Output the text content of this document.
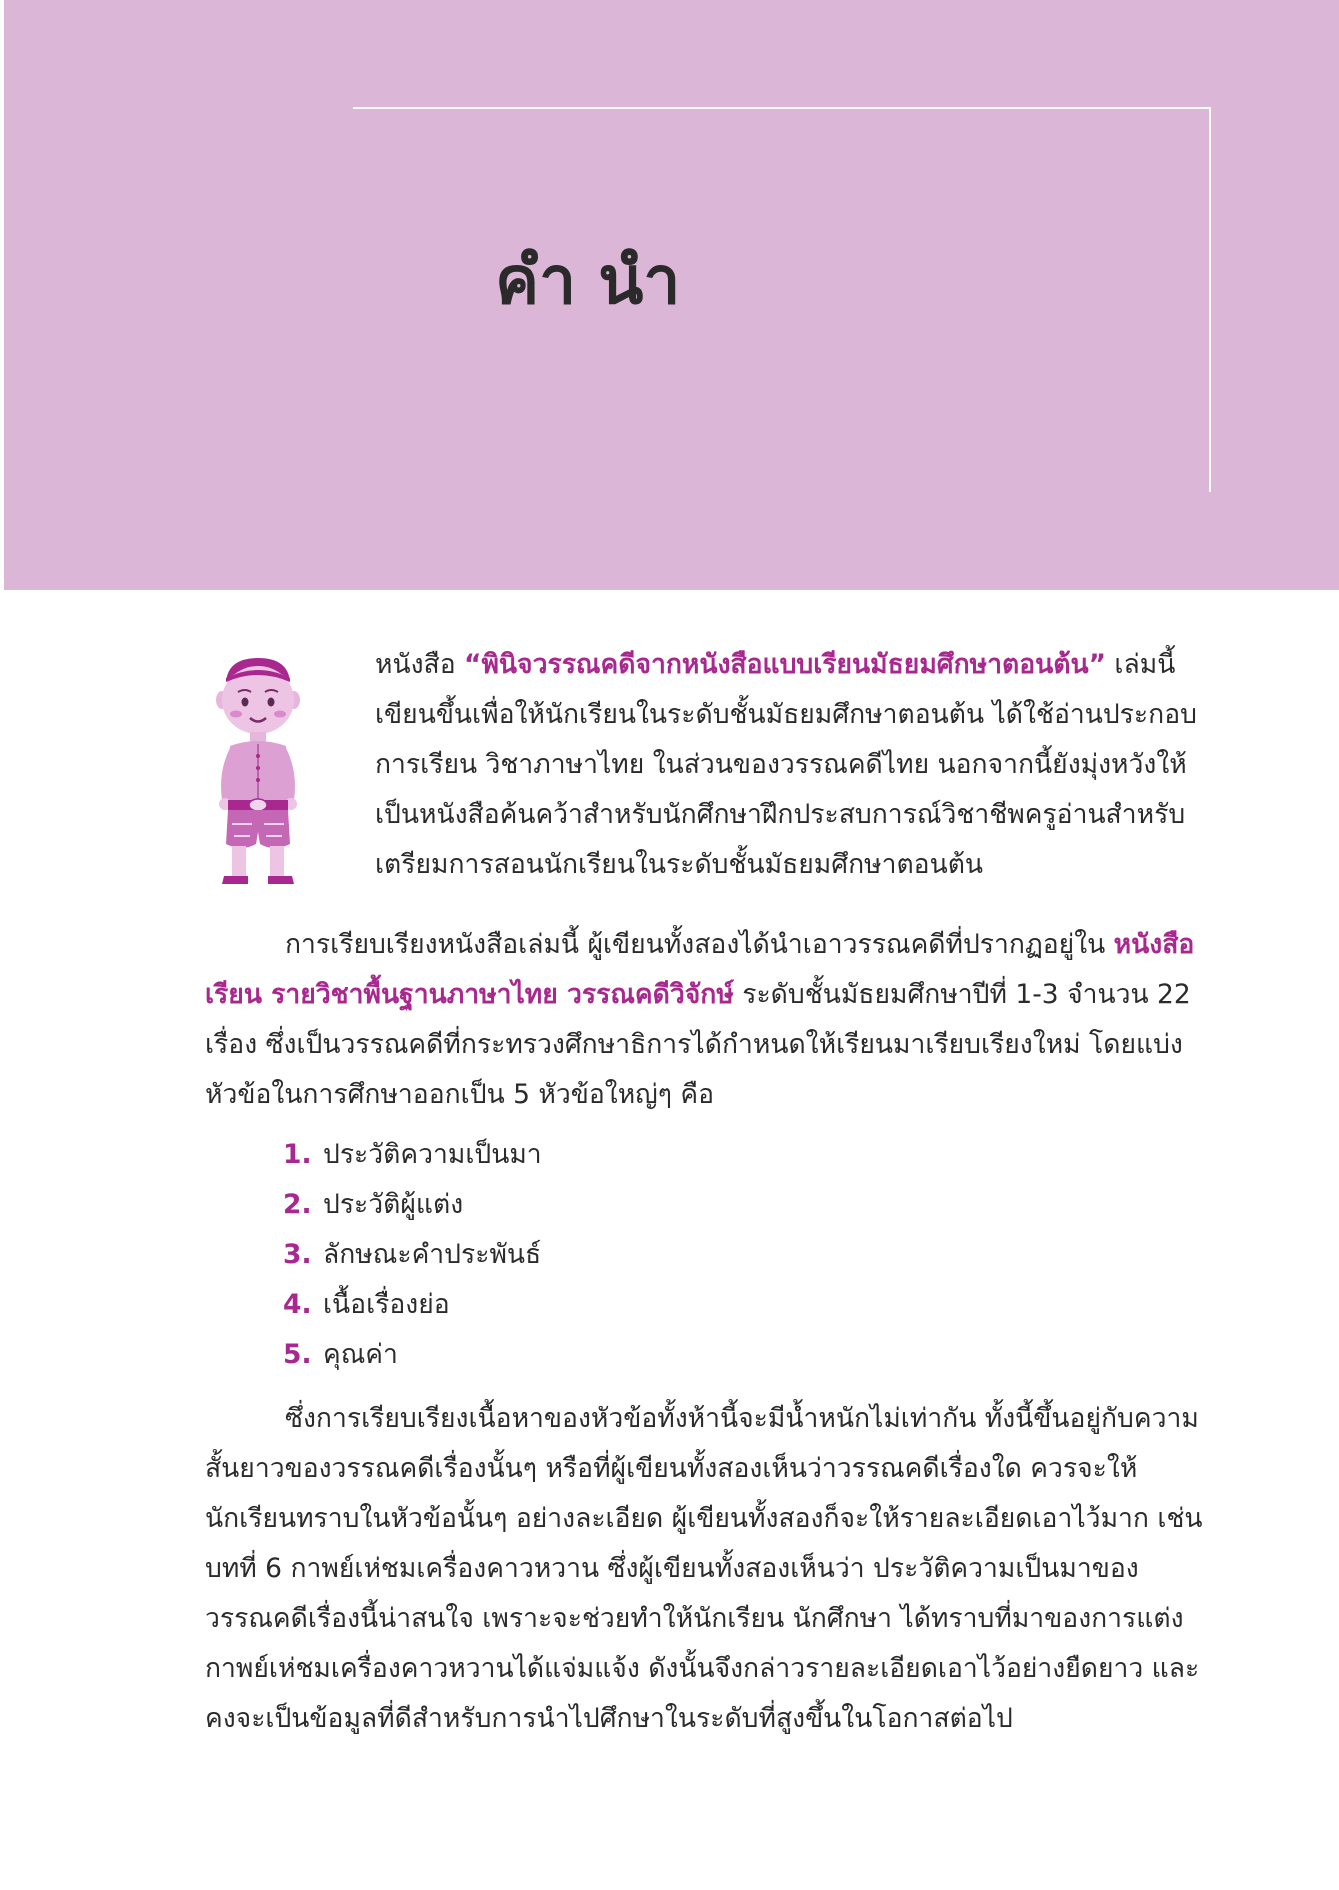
คำนำ

หนังสือ “พินิจวรรณคดีจากหนังสือแบบเรียนมัธยมศึกษาตอนต้น” เล่มนี้เขียนขึ้นเพื่อให้นักเรียนในระดับชั้นมัธยมศึกษาตอนต้น ได้ใช้อ่านประกอบการเรียน วิชาภาษาไทย ในส่วนของวรรณคดีไทย นอกจากนี้ยังมุ่งหวังให้เป็นหนังสือค้นคว้าสำหรับนักศึกษาฝึกประสบการณ์วิชาชีพครูอ่านสำหรับเตรียมการสอนนักเรียนในระดับชั้นมัธยมศึกษาตอนต้น

การเรียบเรียงหนังสือเล่มนี้ ผู้เขียนทั้งสองได้นำเอาวรรณคดีที่ปรากฏอยู่ใน หนังสือเรียน รายวิชาพื้นฐานภาษาไทย วรรณคดีวิจักษ์ ระดับชั้นมัธยมศึกษาปีที่ 1-3 จำนวน 22 เรื่อง ซึ่งเป็นวรรณคดีที่กระทรวงศึกษาธิการได้กำหนดให้เรียนมาเรียบเรียงใหม่ โดยแบ่งหัวข้อในการศึกษาออกเป็น 5 หัวข้อใหญ่ๆ คือ

1. ประวัติความเป็นมา
2. ประวัติผู้แต่ง
3. ลักษณะคำประพันธ์
4. เนื้อเรื่องย่อ
5. คุณค่า

ซึ่งการเรียบเรียงเนื้อหาของหัวข้อทั้งห้านี้จะมีน้ำหนักไม่เท่ากัน ทั้งนี้ขึ้นอยู่กับความสั้นยาวของวรรณคดีเรื่องนั้นๆ หรือที่ผู้เขียนทั้งสองเห็นว่าวรรณคดีเรื่องใด ควรจะให้นักเรียนทราบในหัวข้อนั้นๆ อย่างละเอียด ผู้เขียนทั้งสองก็จะให้รายละเอียดเอาไว้มาก เช่น บทที่ 6 กาพย์เห่ชมเครื่องคาวหวาน ซึ่งผู้เขียนทั้งสองเห็นว่า ประวัติความเป็นมาของวรรณคดีเรื่องนี้น่าสนใจ เพราะจะช่วยทำให้นักเรียน นักศึกษา ได้ทราบที่มาของการแต่งกาพย์เห่ชมเครื่องคาวหวานได้แจ่มแจ้ง ดังนั้นจึงกล่าวรายละเอียดเอาไว้อย่างยืดยาว และคงจะเป็นข้อมูลที่ดีสำหรับการนำไปศึกษาในระดับที่สูงขึ้นในโอกาสต่อไป
